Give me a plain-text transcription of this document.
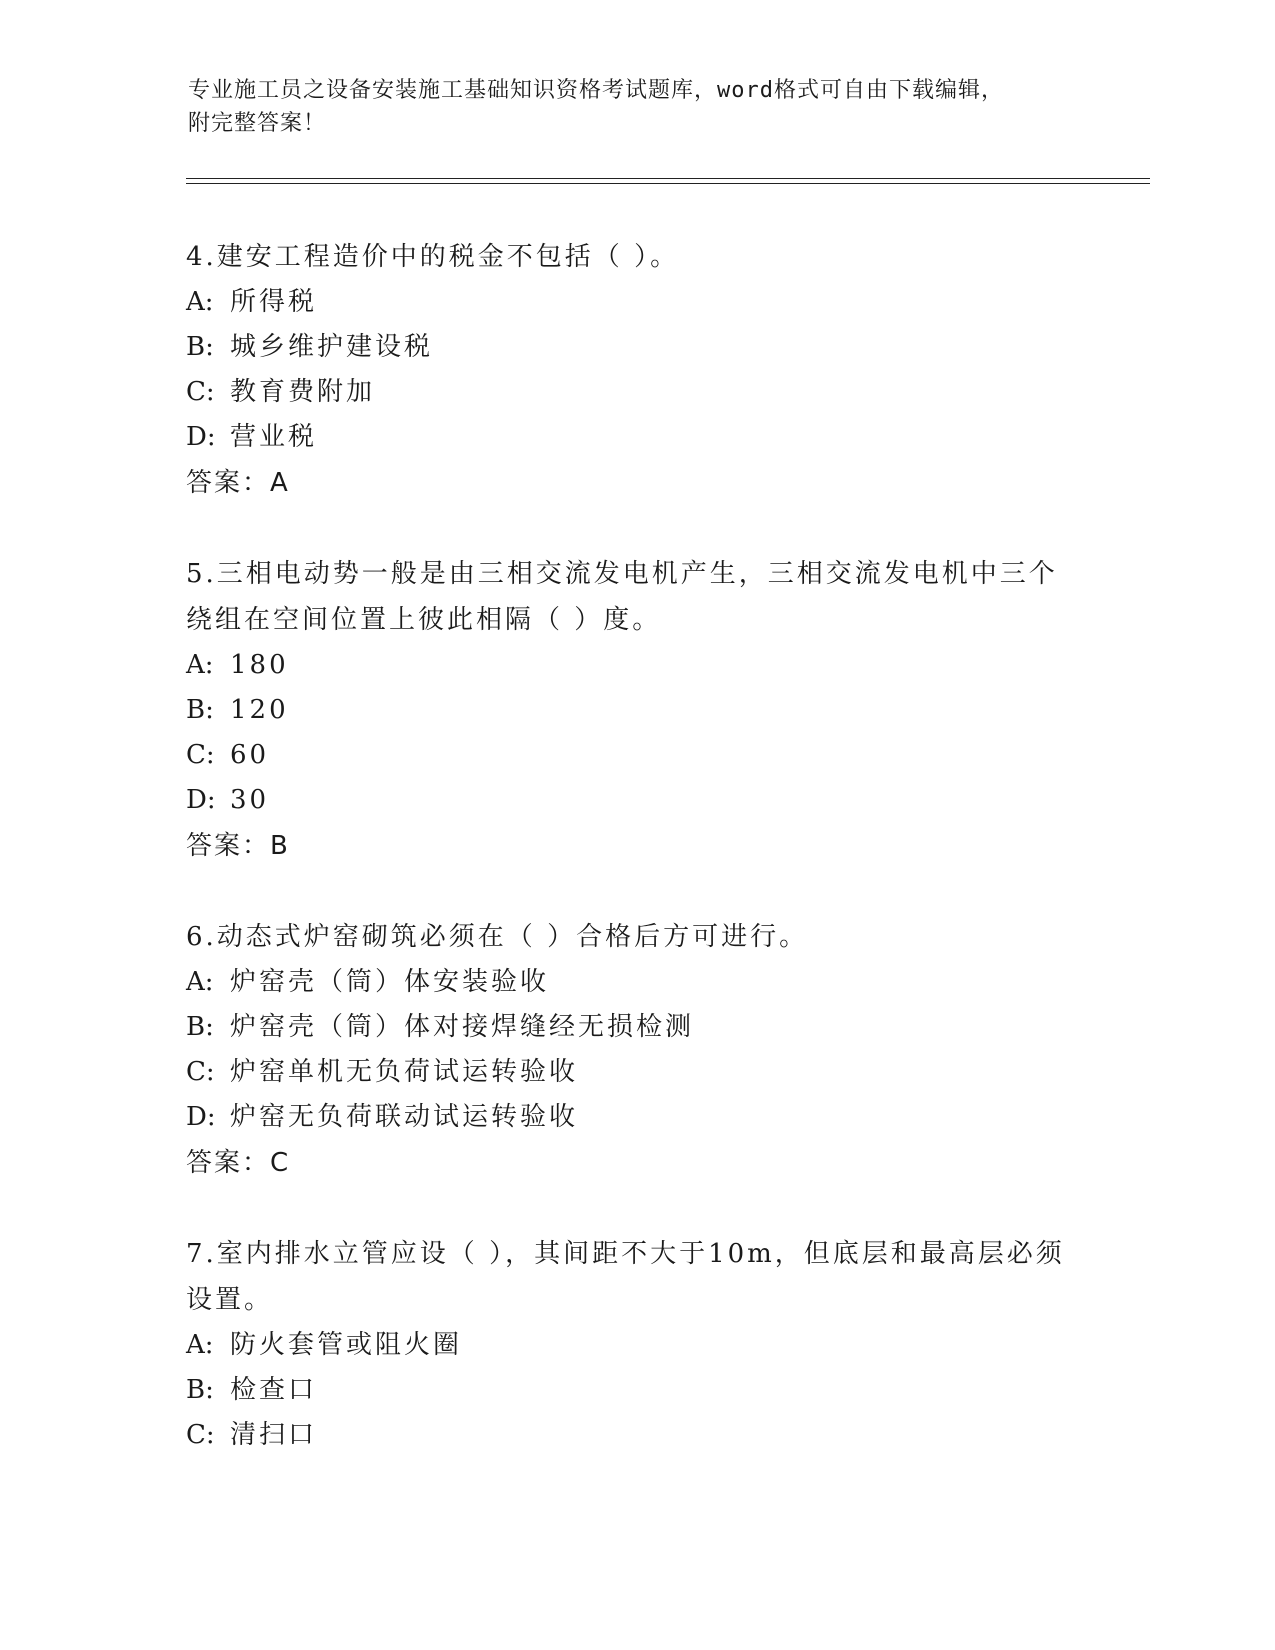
专业施工员之设备安装施工基础知识资格考试题库，word格式可自由下载编辑，
附完整答案！
4.建安工程造价中的税金不包括（ ）。
A: 所得税
B: 城乡维护建设税
C: 教育费附加
D: 营业税
答案：A
5.三相电动势一般是由三相交流发电机产生，三相交流发电机中三个绕组在空间位置上彼此相隔（ ）度。
A: 180
B: 120
C: 60
D: 30
答案：B
6.动态式炉窑砌筑必须在（ ）合格后方可进行。
A: 炉窑壳（筒）体安装验收
B: 炉窑壳（筒）体对接焊缝经无损检测
C: 炉窑单机无负荷试运转验收
D: 炉窑无负荷联动试运转验收
答案：C
7.室内排水立管应设（ ），其间距不大于10m，但底层和最高层必须设置。
A: 防火套管或阻火圈
B: 检查口
C: 清扫口
